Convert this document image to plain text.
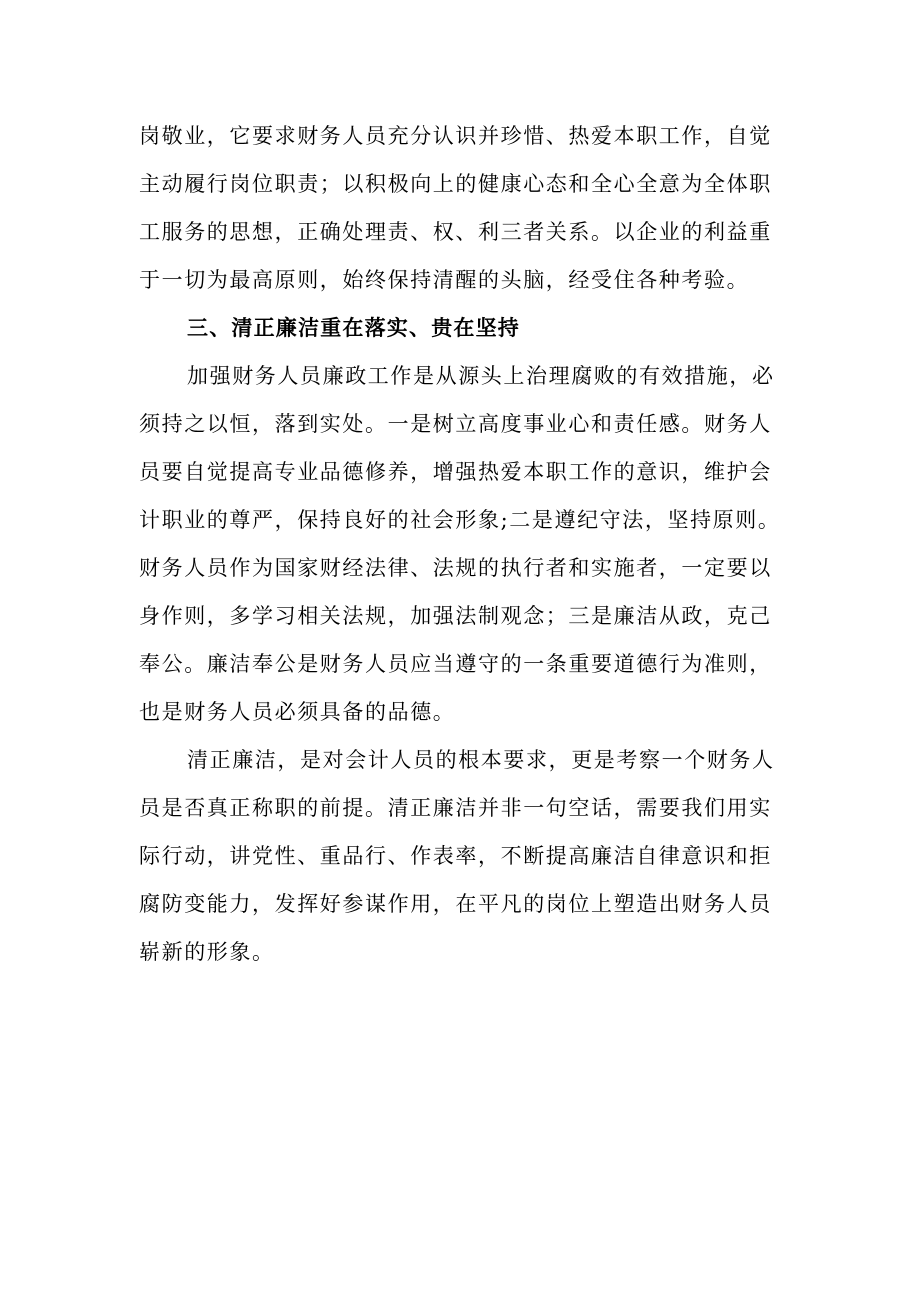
岗敬业，它要求财务人员充分认识并珍惜、热爱本职工作，自觉
主动履行岗位职责；以积极向上的健康心态和全心全意为全体职
工服务的思想，正确处理责、权、利三者关系。以企业的利益重
于一切为最高原则，始终保持清醒的头脑，经受住各种考验。
三、清正廉洁重在落实、贵在坚持
加强财务人员廉政工作是从源头上治理腐败的有效措施，必
须持之以恒，落到实处。一是树立高度事业心和责任感。财务人
员要自觉提高专业品德修养，增强热爱本职工作的意识，维护会
计职业的尊严，保持良好的社会形象;二是遵纪守法，坚持原则。
财务人员作为国家财经法律、法规的执行者和实施者，一定要以
身作则，多学习相关法规，加强法制观念；三是廉洁从政，克己
奉公。廉洁奉公是财务人员应当遵守的一条重要道德行为准则，
也是财务人员必须具备的品德。
清正廉洁，是对会计人员的根本要求，更是考察一个财务人
员是否真正称职的前提。清正廉洁并非一句空话，需要我们用实
际行动，讲党性、重品行、作表率，不断提高廉洁自律意识和拒
腐防变能力，发挥好参谋作用，在平凡的岗位上塑造出财务人员
崭新的形象。
